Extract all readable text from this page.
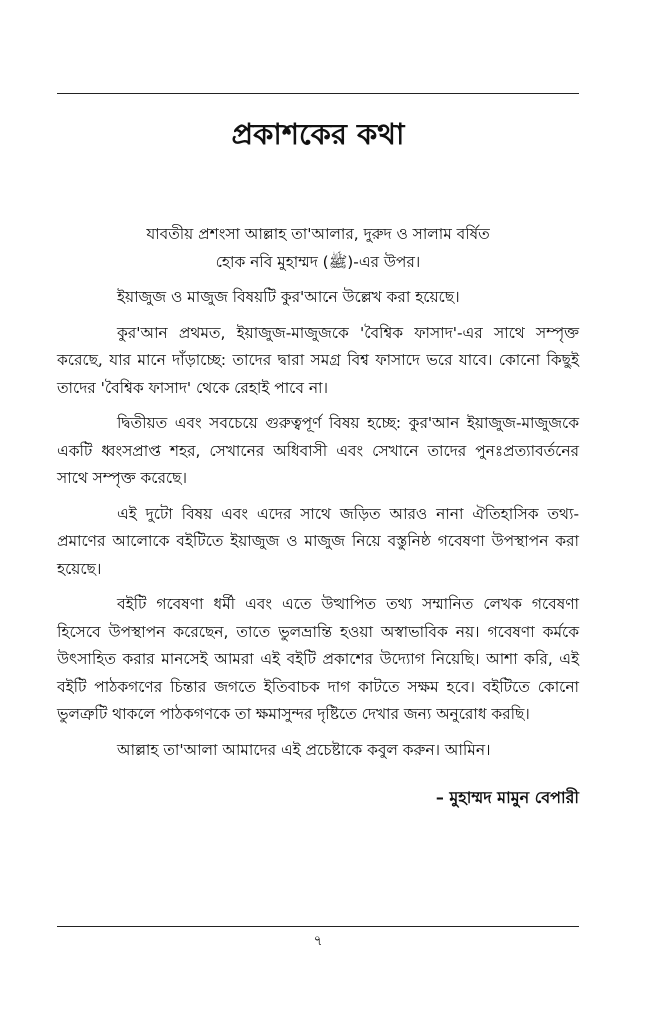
প্রকাশকের কথা

যাবতীয় প্রশংসা আল্লাহ তা'আলার, দুরুদ ও সালাম বর্ষিত

হোক নবি মুহাম্মদ (ﷺ)-এর উপর।

ইয়াজুজ ও মাজুজ বিষয়টি কুর'আনে উল্লেখ করা হয়েছে।

কুর'আন প্রথমত, ইয়াজুজ-মাজুজকে 'বৈশ্বিক ফাসাদ'-এর সাথে সম্পৃক্ত করেছে, যার মানে দাঁড়াচ্ছে: তাদের দ্বারা সমগ্র বিশ্ব ফাসাদে ভরে যাবে। কোনো কিছুই তাদের 'বৈশ্বিক ফাসাদ' থেকে রেহাই পাবে না।

দ্বিতীয়ত এবং সবচেয়ে গুরুত্বপূর্ণ বিষয় হচ্ছে: কুর'আন ইয়াজুজ-মাজুজকে একটি ধ্বংসপ্রাপ্ত শহর, সেখানের অধিবাসী এবং সেখানে তাদের পুনঃপ্রত্যাবর্তনের সাথে সম্পৃক্ত করেছে।

এই দুটো বিষয় এবং এদের সাথে জড়িত আরও নানা ঐতিহাসিক তথ্য-প্রমাণের আলোকে বইটিতে ইয়াজুজ ও মাজুজ নিয়ে বস্তুনিষ্ঠ গবেষণা উপস্থাপন করা হয়েছে।

বইটি গবেষণা ধর্মী এবং এতে উত্থাপিত তথ্য সম্মানিত লেখক গবেষণা হিসেবে উপস্থাপন করেছেন, তাতে ভুলভ্রান্তি হওয়া অস্বাভাবিক নয়। গবেষণা কর্মকে উৎসাহিত করার মানসেই আমরা এই বইটি প্রকাশের উদ্যোগ নিয়েছি। আশা করি, এই বইটি পাঠকগণের চিন্তার জগতে ইতিবাচক দাগ কাটতে সক্ষম হবে। বইটিতে কোনো ভুলত্রুটি থাকলে পাঠকগণকে তা ক্ষমাসুন্দর দৃষ্টিতে দেখার জন্য অনুরোধ করছি।

আল্লাহ তা'আলা আমাদের এই প্রচেষ্টাকে কবুল করুন। আমিন।

– মুহাম্মদ মামুন বেপারী

৭
